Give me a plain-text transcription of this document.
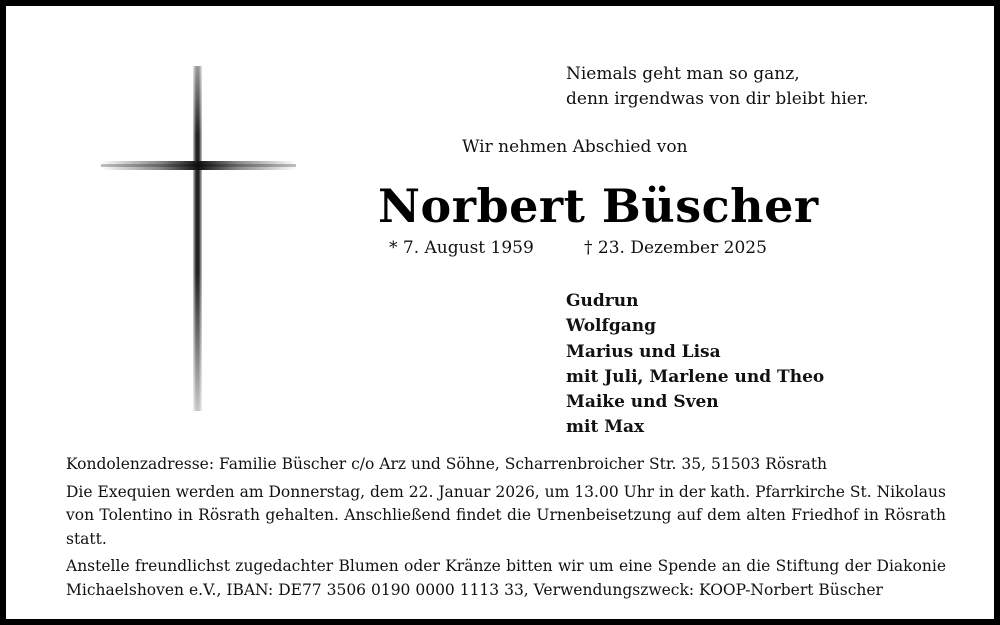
Niemals geht man so ganz,
denn irgendwas von dir bleibt hier.
Wir nehmen Abschied von
Norbert Büscher
* 7. August 1959	† 23. Dezember 2025
Gudrun
Wolfgang
Marius und Lisa
mit Juli, Marlene und Theo
Maike und Sven
mit Max

Kondolenzadresse: Familie Büscher c/o Arz und Söhne, Scharrenbroicher Str. 35, 51503 Rösrath

Die Exequien werden am Donnerstag, dem 22. Januar 2026, um 13.00 Uhr in der kath. Pfarrkirche St. Nikolaus von Tolentino in Rösrath gehalten. Anschließend findet die Urnenbeisetzung auf dem alten Friedhof in Rösrath statt.

Anstelle freundlichst zugedachter Blumen oder Kränze bitten wir um eine Spende an die Stiftung der Diakonie Michaelshoven e.V., IBAN: DE77 3506 0190 0000 1113 33, Verwendungszweck: KOOP-Norbert Büscher
